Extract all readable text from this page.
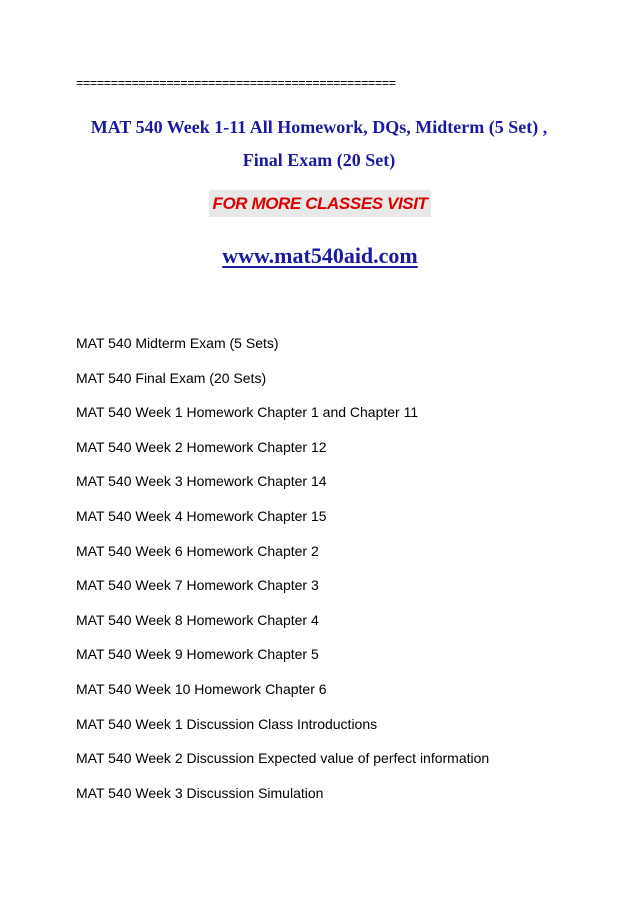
==============================================
MAT 540 Week 1-11 All Homework, DQs, Midterm (5 Set) , Final Exam (20 Set)
FOR MORE CLASSES VISIT
www.mat540aid.com
MAT 540 Midterm Exam (5 Sets)
MAT 540 Final Exam (20 Sets)
MAT 540 Week 1 Homework Chapter 1 and Chapter 11
MAT 540 Week 2 Homework Chapter 12
MAT 540 Week 3 Homework Chapter 14
MAT 540 Week 4 Homework Chapter 15
MAT 540 Week 6 Homework Chapter 2
MAT 540 Week 7 Homework Chapter 3
MAT 540 Week 8 Homework Chapter 4
MAT 540 Week 9 Homework Chapter 5
MAT 540 Week 10 Homework Chapter 6
MAT 540 Week 1 Discussion Class Introductions
MAT 540 Week 2 Discussion Expected value of perfect information
MAT 540 Week 3 Discussion Simulation
